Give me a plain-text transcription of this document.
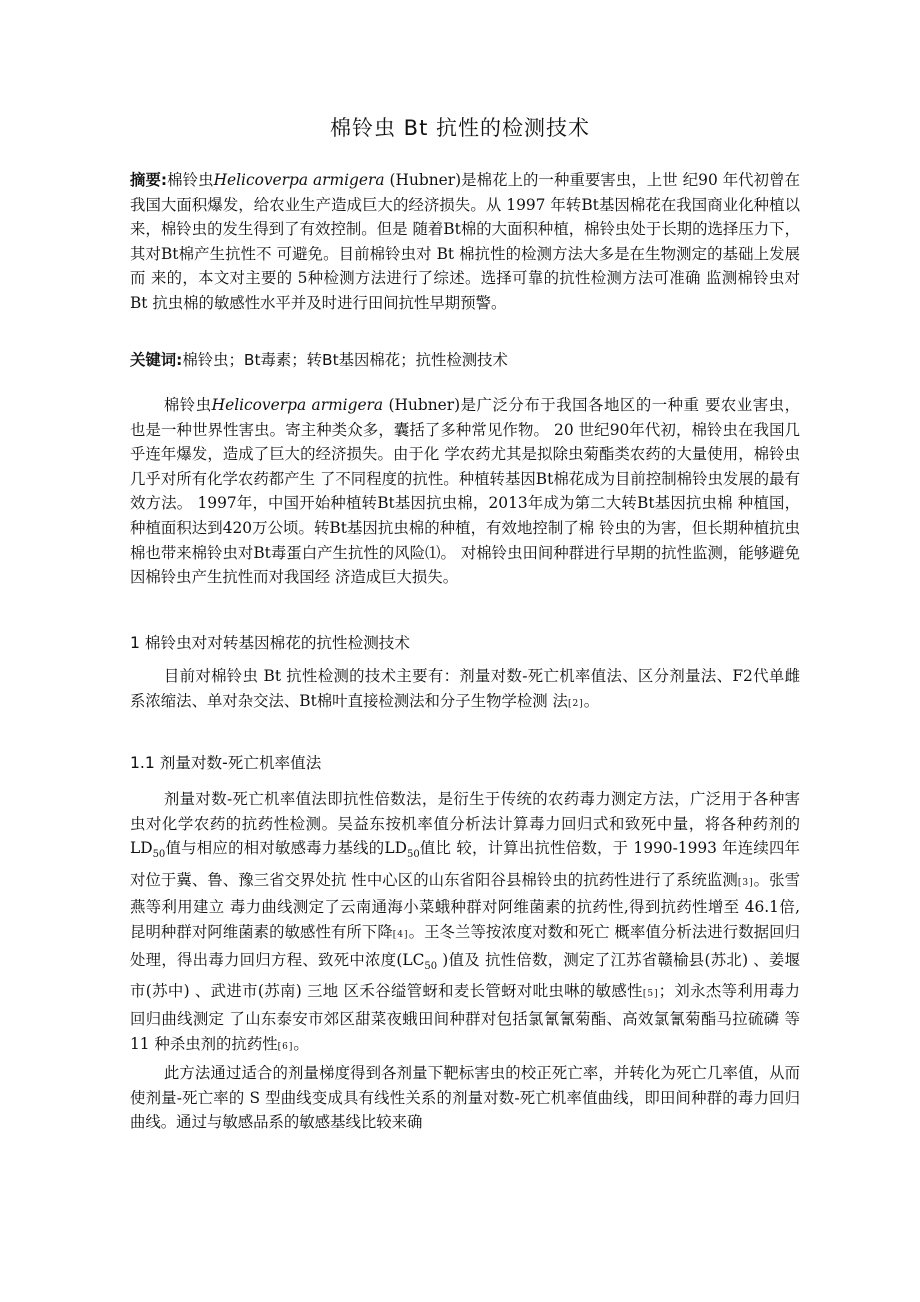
棉铃虫 Bt 抗性的检测技术
摘要:棉铃虫Helicoverpa armigera (Hubner)是棉花上的一种重要害虫，上世 纪90 年代初曾在我国大面积爆发，给农业生产造成巨大的经济损失。从 1997 年转Bt基因棉花在我国商业化种植以来，棉铃虫的发生得到了有效控制。但是 随着Bt棉的大面积种植，棉铃虫处于长期的选择压力下，其对Bt棉产生抗性不 可避免。目前棉铃虫对 Bt 棉抗性的检测方法大多是在生物测定的基础上发展而 来的，本文对主要的 5种检测方法进行了综述。选择可靠的抗性检测方法可准确 监测棉铃虫对Bt 抗虫棉的敏感性水平并及时进行田间抗性早期预警。
关键词:棉铃虫；Bt毒素；转Bt基因棉花；抗性检测技术
棉铃虫Helicoverpa armigera (Hubner)是广泛分布于我国各地区的一种重 要农业害虫，也是一种世界性害虫。寄主种类众多，囊括了多种常见作物。 20 世纪90年代初，棉铃虫在我国几乎连年爆发，造成了巨大的经济损失。由于化 学农药尤其是拟除虫菊酯类农药的大量使用，棉铃虫几乎对所有化学农药都产生 了不同程度的抗性。种植转基因Bt棉花成为目前控制棉铃虫发展的最有效方法。 1997年，中国开始种植转Bt基因抗虫棉，2013年成为第二大转Bt基因抗虫棉 种植国，种植面积达到420万公顷。转Bt基因抗虫棉的种植，有效地控制了棉 铃虫的为害，但长期种植抗虫棉也带来棉铃虫对Bt毒蛋白产生抗性的风险⑴。 对棉铃虫田间种群进行早期的抗性监测，能够避免因棉铃虫产生抗性而对我国经 济造成巨大损失。
1 棉铃虫对对转基因棉花的抗性检测技术
目前对棉铃虫 Bt 抗性检测的技术主要有：剂量对数-死亡机率值法、区分剂量法、F2代单雌系浓缩法、单对杂交法、Bt棉叶直接检测法和分子生物学检测 法[2]。
1.1 剂量对数-死亡机率值法
剂量对数-死亡机率值法即抗性倍数法，是衍生于传统的农药毒力测定方法，广泛用于各种害虫对化学农药的抗药性检测。吴益东按机率值分析法计算毒力回归式和致死中量，将各种药剂的$LD_{50}$值与相应的相对敏感毒力基线的$LD_{50}$值比 较，计算出抗性倍数，于 1990-1993 年连续四年对位于冀、鲁、豫三省交界处抗 性中心区的山东省阳谷县棉铃虫的抗药性进行了系统监测[3]。张雪燕等利用建立 毒力曲线测定了云南通海小菜蛾种群对阿维菌素的抗药性,得到抗药性增至 46.1倍, 昆明种群对阿维菌素的敏感性有所下降[4]。王冬兰等按浓度对数和死亡 概率值分析法进行数据回归处理，得出毒力回归方程、致死中浓度($LC_{50}$ )值及 抗性倍数，测定了江苏省赣榆县(苏北) 、姜堰市(苏中) 、武进市(苏南) 三地 区禾谷缢管蚜和麦长管蚜对吡虫啉的敏感性[5]；刘永杰等利用毒力回归曲线测定 了山东泰安市郊区甜菜夜蛾田间种群对包括氯氰氰菊酯、高效氯氰菊酯马拉硫磷 等 11 种杀虫剂的抗药性[6]。
此方法通过适合的剂量梯度得到各剂量下靶标害虫的校正死亡率，并转化为死亡几率值，从而使剂量-死亡率的 S 型曲线变成具有线性关系的剂量对数-死亡机率值曲线，即田间种群的毒力回归曲线。通过与敏感品系的敏感基线比较来确
